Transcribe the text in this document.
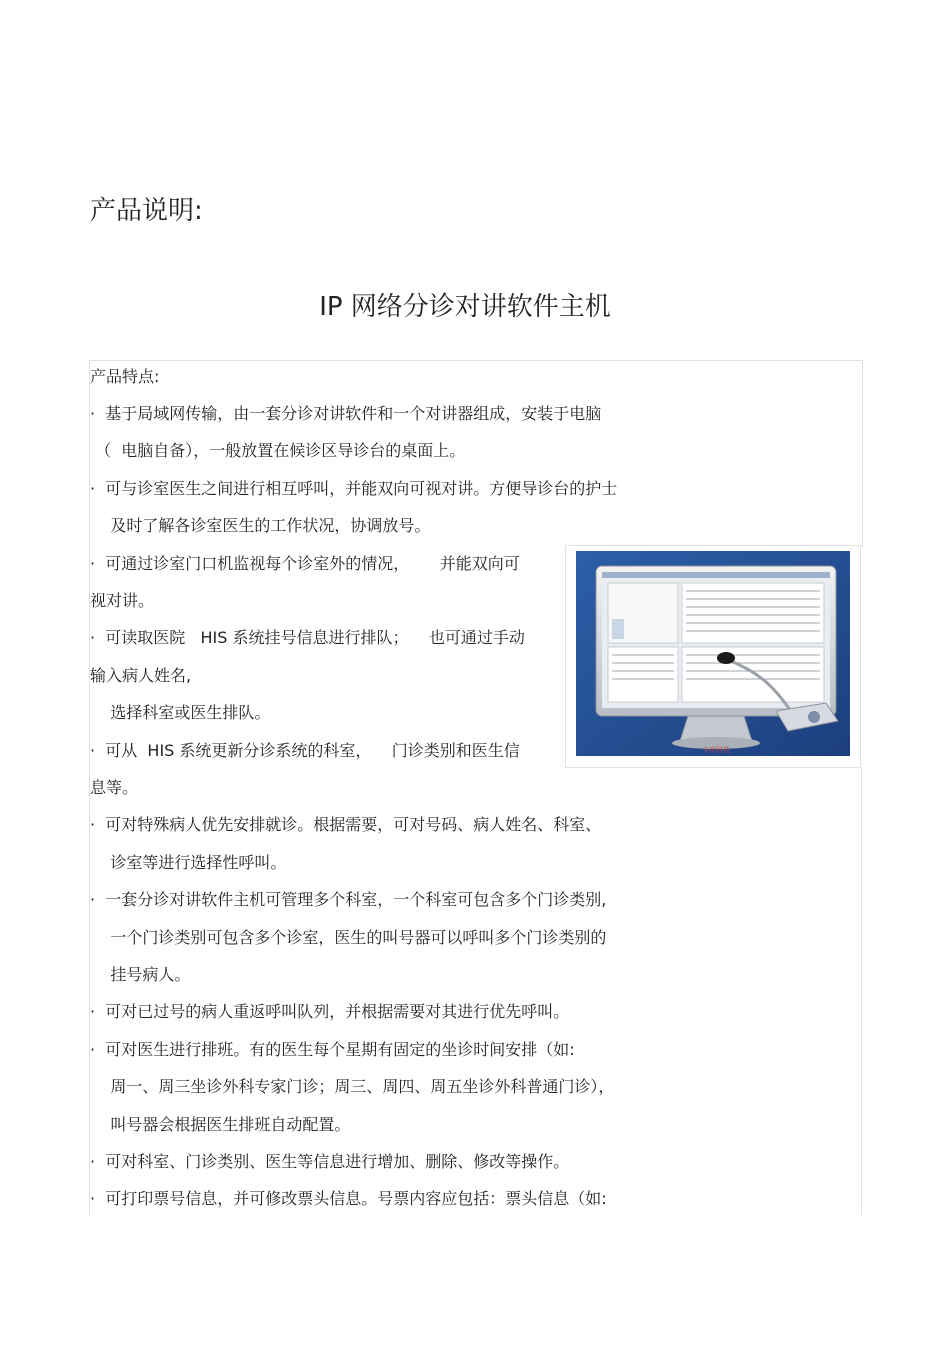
产品说明:
IP 网络分诊对讲软件主机
产品特点:
·  基于局域网传输，由一套分诊对讲软件和一个对讲器组成，安装于电脑
（  电脑自备），一般放置在候诊区导诊台的桌面上。
·  可与诊室医生之间进行相互呼叫，并能双向可视对讲。方便导诊台的护士
及时了解各诊室医生的工作状况，协调放号。
·  可通过诊室门口机监视每个诊室外的情况，      并能双向可
视对讲。
·  可读取医院   HIS 系统挂号信息进行排队；    也可通过手动
输入病人姓名,
选择科室或医生排队。
·  可从  HIS 系统更新分诊系统的科室，    门诊类别和医生信
息等。
·  可对特殊病人优先安排就诊。根据需要，可对号码、病人姓名、科室、
诊室等进行选择性呼叫。
·  一套分诊对讲软件主机可管理多个科室，一个科室可包含多个门诊类别,
一个门诊类别可包含多个诊室，医生的叫号器可以呼叫多个门诊类别的
挂号病人。
·  可对已过号的病人重返呼叫队列，并根据需要对其进行优先呼叫。
·  可对医生进行排班。有的医生每个星期有固定的坐诊时间安排（如:
周一、周三坐诊外科专家门诊；周三、周四、周五坐诊外科普通门诊），
叫号器会根据医生排班自动配置。
·  可对科室、门诊类别、医生等信息进行增加、删除、修改等操作。
·  可打印票号信息，并可修改票头信息。号票内容应包括：票头信息（如:
卡帝科技
